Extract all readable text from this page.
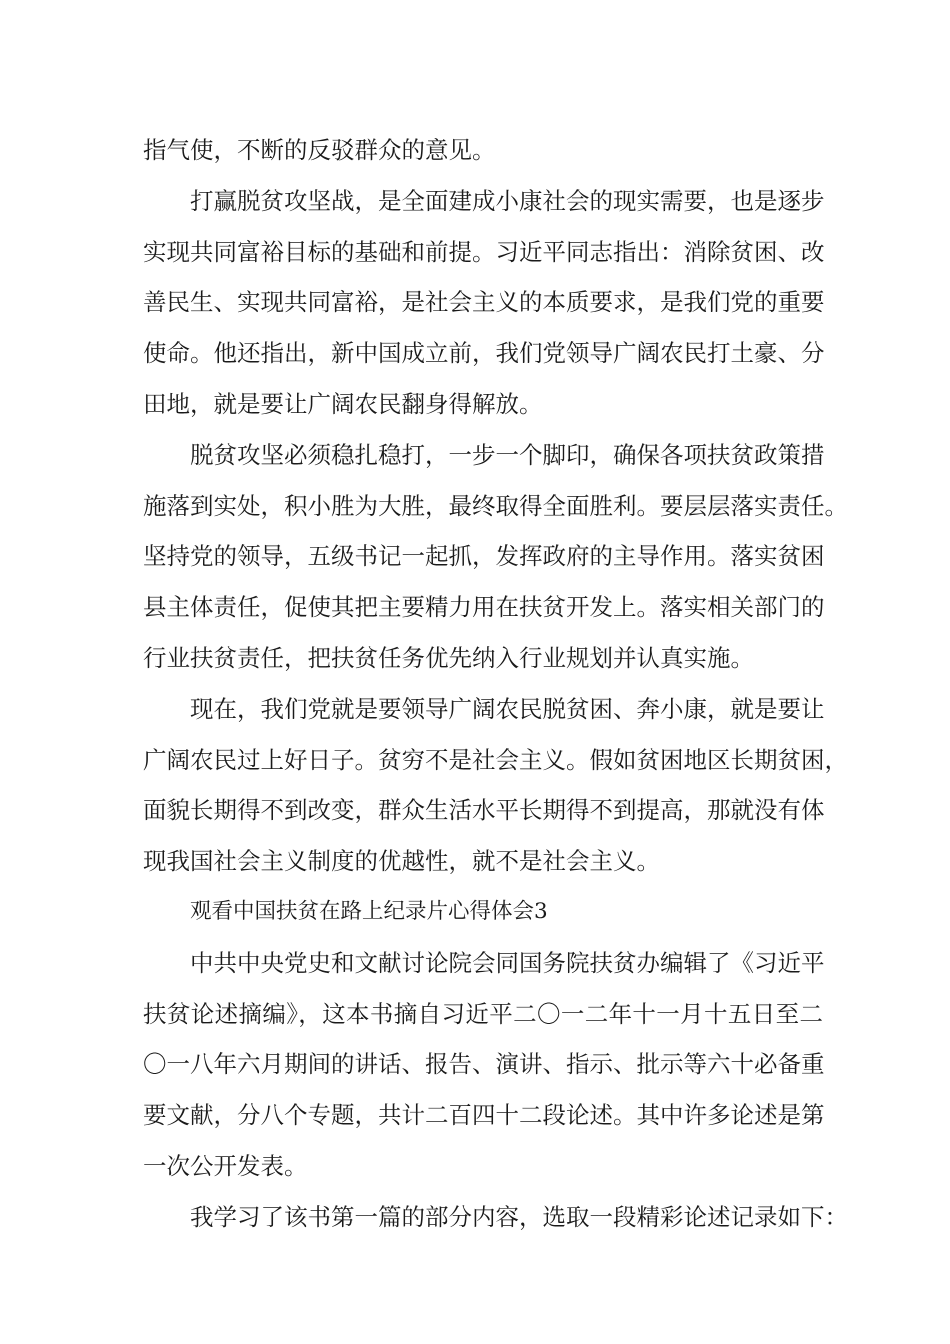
指气使，不断的反驳群众的意见。

打赢脱贫攻坚战，是全面建成小康社会的现实需要，也是逐步
实现共同富裕目标的基础和前提。习近平同志指出：消除贫困、改
善民生、实现共同富裕，是社会主义的本质要求，是我们党的重要
使命。他还指出，新中国成立前，我们党领导广阔农民打土豪、分
田地，就是要让广阔农民翻身得解放。

脱贫攻坚必须稳扎稳打，一步一个脚印，确保各项扶贫政策措
施落到实处，积小胜为大胜，最终取得全面胜利。要层层落实责任。
坚持党的领导，五级书记一起抓，发挥政府的主导作用。落实贫困
县主体责任，促使其把主要精力用在扶贫开发上。落实相关部门的
行业扶贫责任，把扶贫任务优先纳入行业规划并认真实施。

现在，我们党就是要领导广阔农民脱贫困、奔小康，就是要让
广阔农民过上好日子。贫穷不是社会主义。假如贫困地区长期贫困，
面貌长期得不到改变，群众生活水平长期得不到提高，那就没有体
现我国社会主义制度的优越性，就不是社会主义。

观看中国扶贫在路上纪录片心得体会3

中共中央党史和文献讨论院会同国务院扶贫办编辑了《习近平
扶贫论述摘编》，这本书摘自习近平二〇一二年十一月十五日至二
〇一八年六月期间的讲话、报告、演讲、指示、批示等六十必备重
要文献，分八个专题，共计二百四十二段论述。其中许多论述是第
一次公开发表。

我学习了该书第一篇的部分内容，选取一段精彩论述记录如下：
